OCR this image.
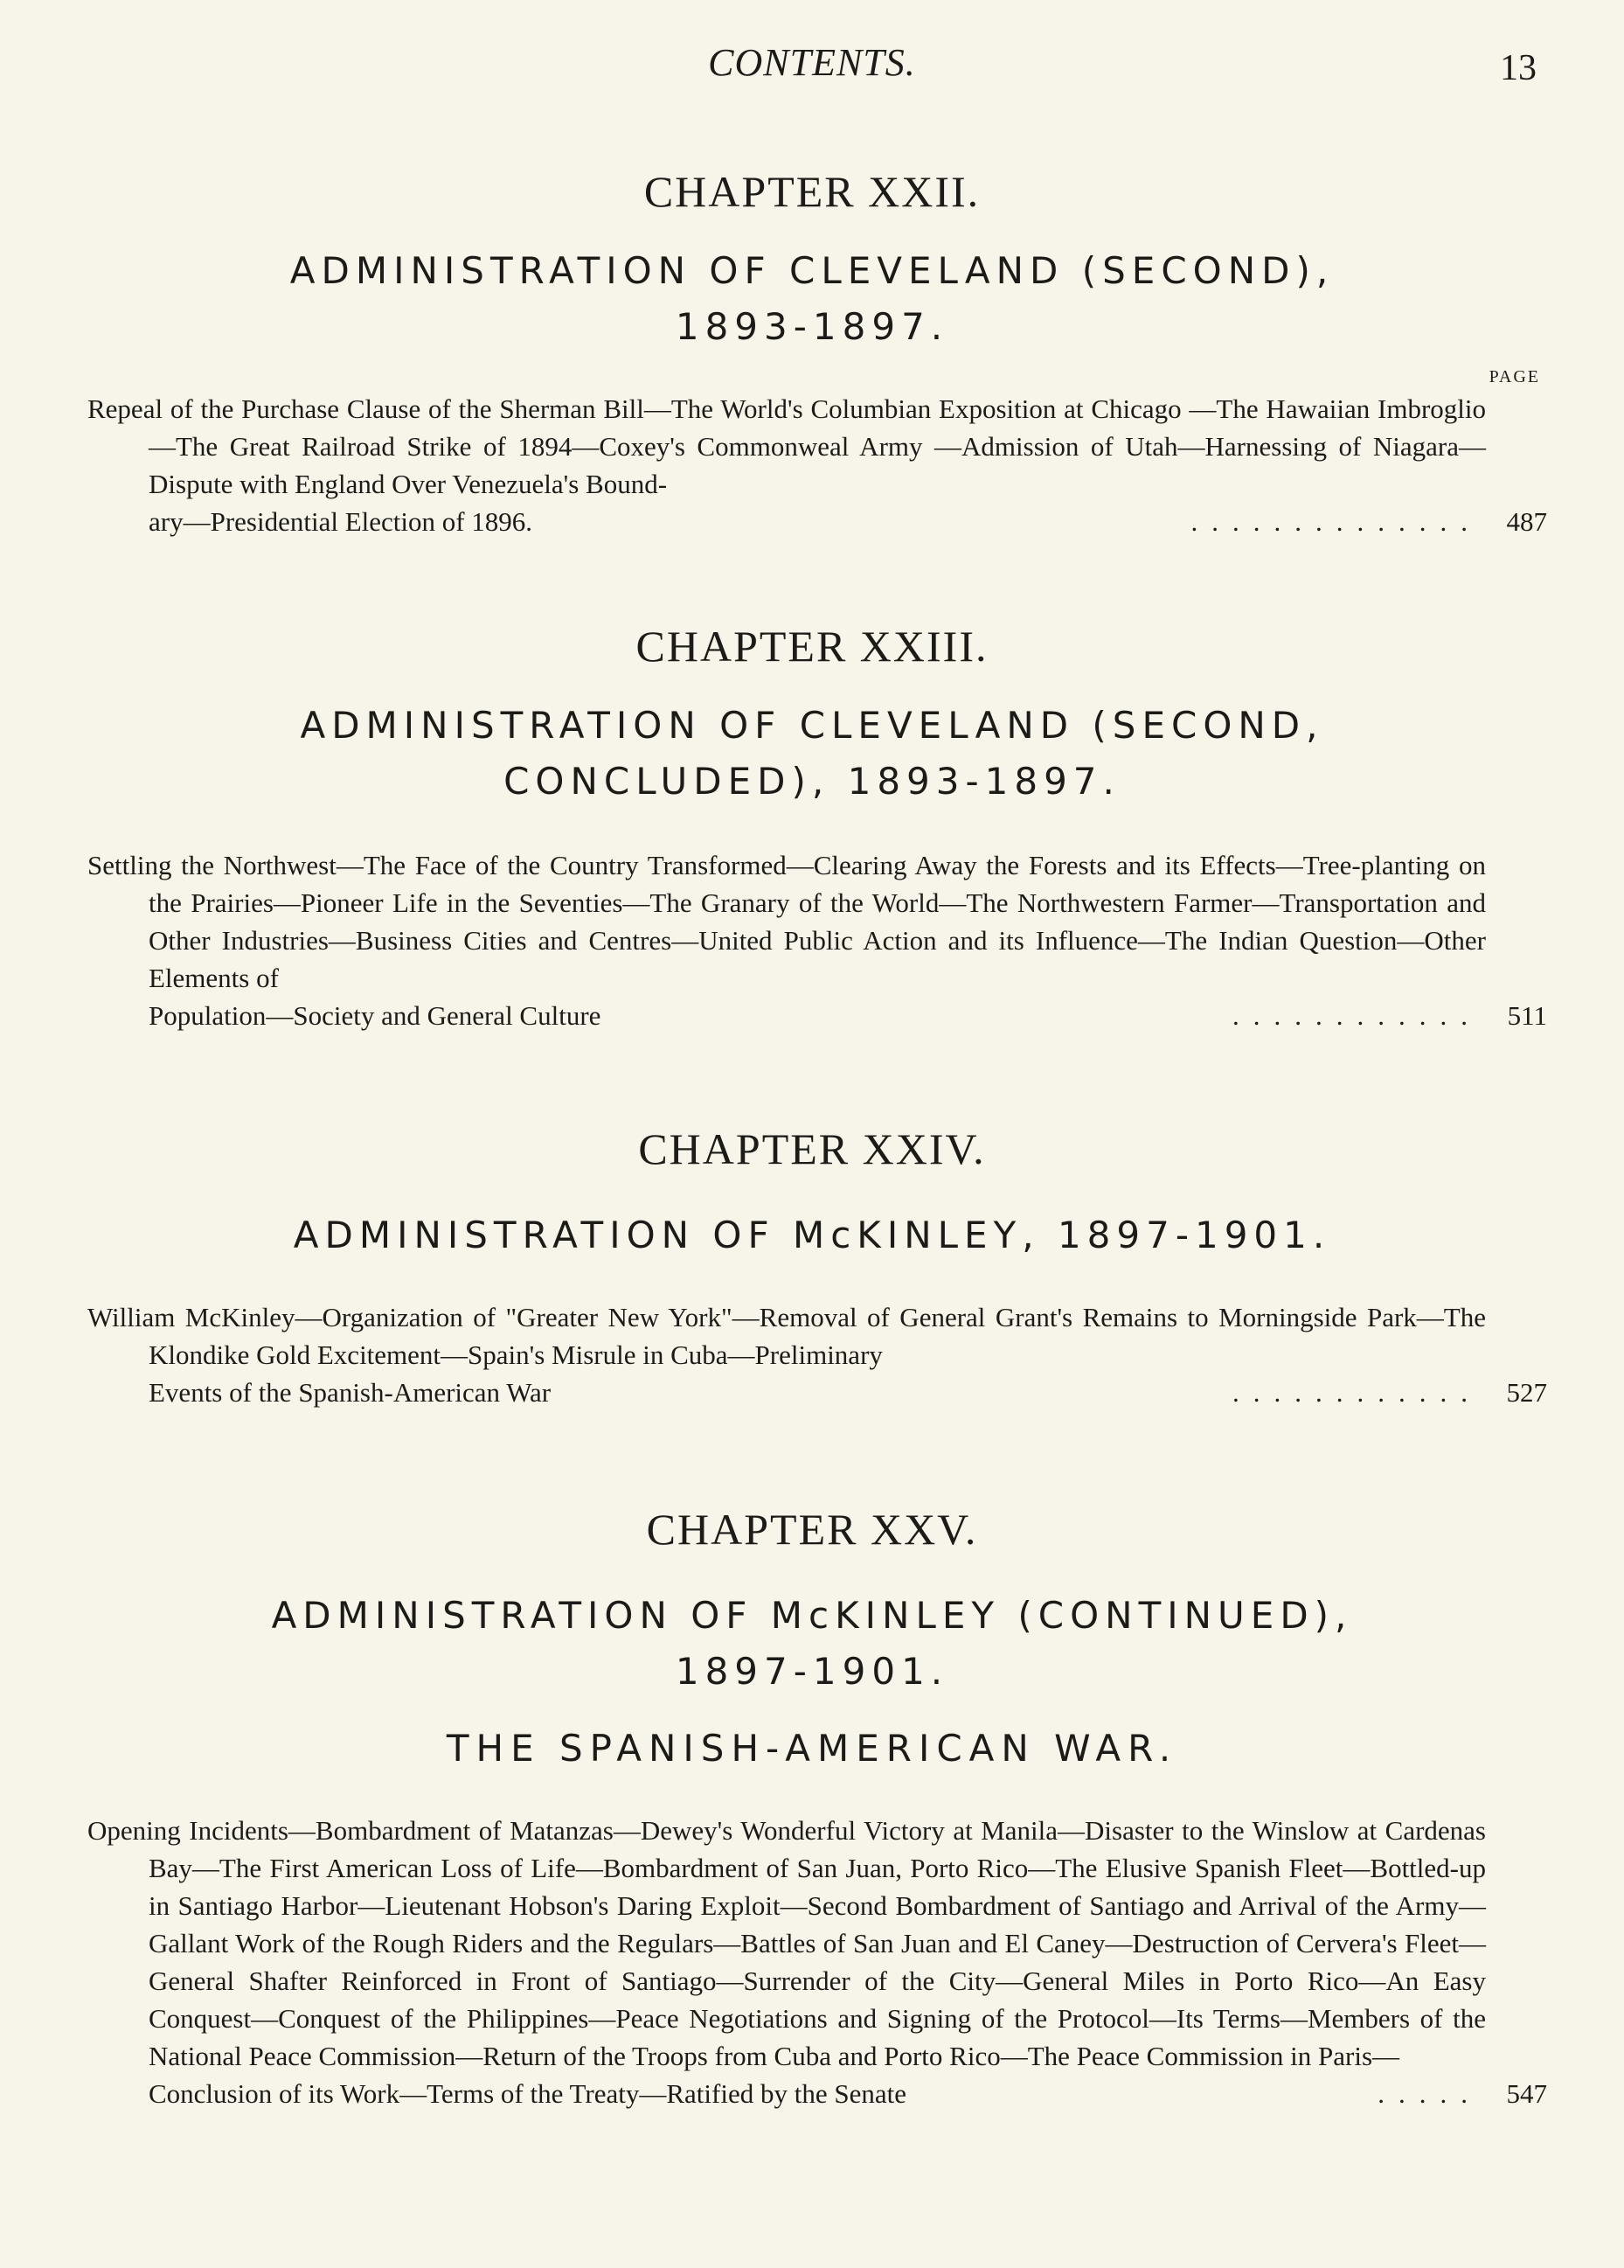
CONTENTS.	13
CHAPTER XXII.
ADMINISTRATION OF CLEVELAND (SECOND),
1893-1897.
PAGE
Repeal of the Purchase Clause of the Sherman Bill—The World's Columbian Exposition at Chicago —The Hawaiian Imbroglio—The Great Railroad Strike of 1894—Coxey's Commonweal Army —Admission of Utah—Harnessing of Niagara—Dispute with England Over Venezuela's Bound-
ary—Presidential Election of 1896.	.............. 487
CHAPTER XXIII.
ADMINISTRATION OF CLEVELAND (SECOND,
CONCLUDED), 1893-1897.
Settling the Northwest—The Face of the Country Transformed—Clearing Away the Forests and its Effects—Tree-planting on the Prairies—Pioneer Life in the Seventies—The Granary of the World—The Northwestern Farmer—Transportation and Other Industries—Business Cities and Centres—United Public Action and its Influence—The Indian Question—Other Elements of
Population—Society and General Culture	............ 511
CHAPTER XXIV.
ADMINISTRATION OF McKINLEY, 1897-1901.
William McKinley—Organization of "Greater New York"—Removal of General Grant's Remains to Morningside Park—The Klondike Gold Excitement—Spain's Misrule in Cuba—Preliminary
Events of the Spanish-American War	............ 527
CHAPTER XXV.
ADMINISTRATION OF McKINLEY (CONTINUED),
1897-1901.
THE SPANISH-AMERICAN WAR.
Opening Incidents—Bombardment of Matanzas—Dewey's Wonderful Victory at Manila—Disaster to the Winslow at Cardenas Bay—The First American Loss of Life—Bombardment of San Juan, Porto Rico—The Elusive Spanish Fleet—Bottled-up in Santiago Harbor—Lieutenant Hobson's Daring Exploit—Second Bombardment of Santiago and Arrival of the Army—Gallant Work of the Rough Riders and the Regulars—Battles of San Juan and El Caney—Destruction of Cervera's Fleet—General Shafter Reinforced in Front of Santiago—Surrender of the City—General Miles in Porto Rico—An Easy Conquest—Conquest of the Philippines—Peace Negotiations and Signing of the Protocol—Its Terms—Members of the National Peace Commission—Return of the Troops from Cuba and Porto Rico—The Peace Commission in Paris—
Conclusion of its Work—Terms of the Treaty—Ratified by the Senate	..... 547
